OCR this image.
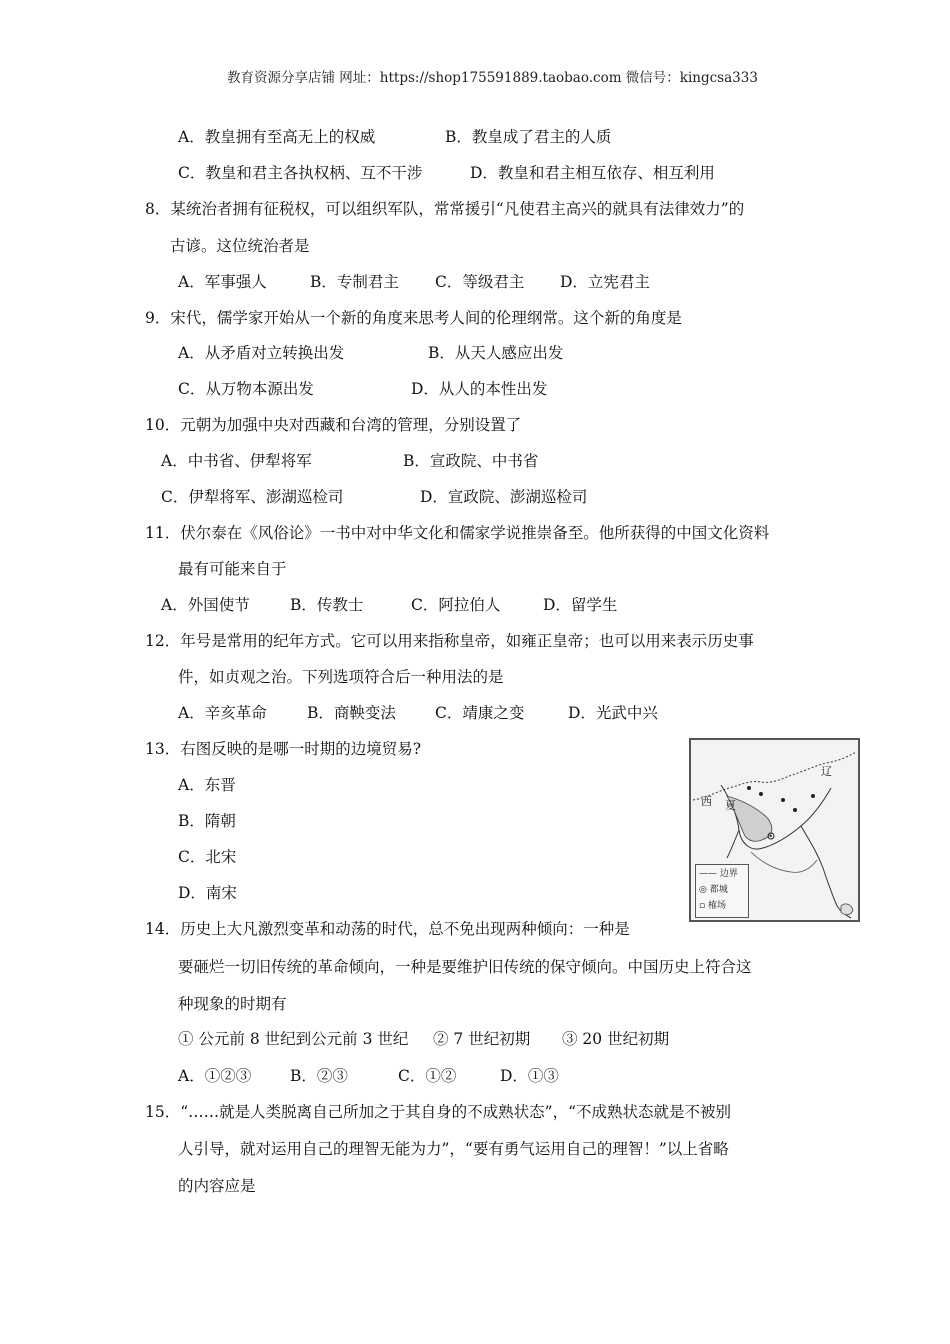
教育资源分享店铺 网址：https://shop175591889.taobao.com 微信号：kingcsa333
A．教皇拥有至高无上的权威	B．教皇成了君主的人质
C．教皇和君主各执权柄、互不干涉	D．教皇和君主相互依存、相互利用
8．某统治者拥有征税权，可以组织军队，常常援引“凡使君主高兴的就具有法律效力”的
古谚。这位统治者是
A．军事强人	B．专制君主 C．等级君主 D．立宪君主
9．宋代，儒学家开始从一个新的角度来思考人间的伦理纲常。这个新的角度是
A．从矛盾对立转换出发	B．从天人感应出发
C．从万物本源出发	D．从人的本性出发
10．元朝为加强中央对西藏和台湾的管理，分别设置了
A．中书省、伊犁将军	B．宣政院、中书省
C．伊犁将军、澎湖巡检司	D．宣政院、澎湖巡检司
11．伏尔泰在《风俗论》一书中对中华文化和儒家学说推崇备至。他所获得的中国文化资料
最有可能来自于
A．外国使节	B．传教士	C．阿拉伯人	D．留学生
12．年号是常用的纪年方式。它可以用来指称皇帝，如雍正皇帝；也可以用来表示历史事
件，如贞观之治。下列选项符合后一种用法的是
A．辛亥革命	B．商鞅变法	C．靖康之变	D．光武中兴
13．右图反映的是哪一时期的边境贸易?
A．东晋
B．隋朝
C．北宋
D．南宋
西 夏
辽
—— 边界
◎ 都城
▫ 榷场
14．历史上大凡激烈变革和动荡的时代，总不免出现两种倾向：一种是
要砸烂一切旧传统的革命倾向，一种是要维护旧传统的保守倾向。中国历史上符合这
种现象的时期有
① 公元前 8 世纪到公元前 3 世纪 ② 7 世纪初期 ③ 20 世纪初期
A．①②③	B．②③	C．①②	D．①③
15．“……就是人类脱离自己所加之于其自身的不成熟状态”，“不成熟状态就是不被别
人引导，就对运用自己的理智无能为力”，“要有勇气运用自己的理智！”以上省略
的内容应是
